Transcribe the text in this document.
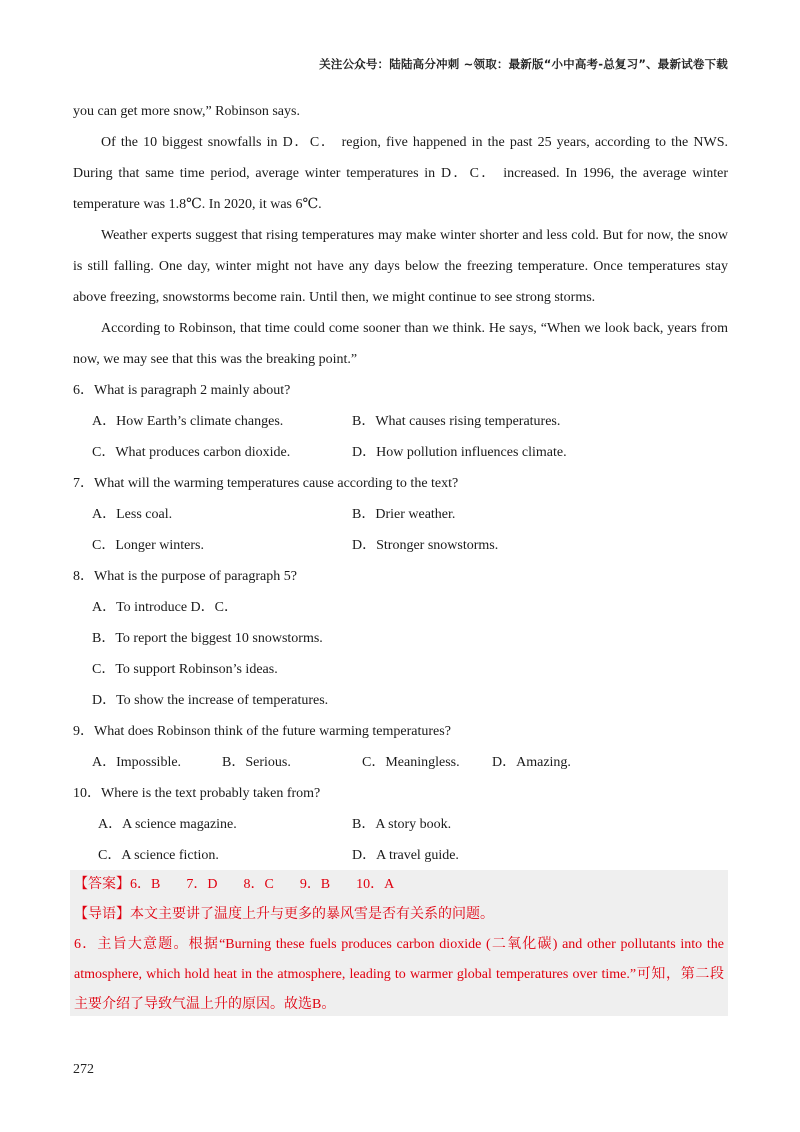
关注公众号：陆陆高分冲刺 ~领取：最新版“小中高考-总复习”、最新试卷下载

you can get more snow,” Robinson says.

Of the 10 biggest snowfalls in D．C． region, five happened in the past 25 years, according to the NWS. During that same time period, average winter temperatures in D．C． increased. In 1996, the average winter temperature was 1.8℃. In 2020, it was 6℃.

Weather experts suggest that rising temperatures may make winter shorter and less cold. But for now, the snow is still falling. One day, winter might not have any days below the freezing temperature. Once temperatures stay above freezing, snowstorms become rain. Until then, we might continue to see strong storms.

According to Robinson, that time could come sooner than we think. He says, “When we look back, years from now, we may see that this was the breaking point.”

6．What is paragraph 2 mainly about?

A．How Earth’s climate changes.	B．What causes rising temperatures.
C．What produces carbon dioxide.	D．How pollution influences climate.

7．What will the warming temperatures cause according to the text?

A．Less coal.	B．Drier weather.
C．Longer winters.	D．Stronger snowstorms.

8．What is the purpose of paragraph 5?

A．To introduce D．C．
B．To report the biggest 10 snowstorms.
C．To support Robinson’s ideas.
D．To show the increase of temperatures.

9．What does Robinson think of the future warming temperatures?

A．Impossible.	B．Serious.	C．Meaningless.	D．Amazing.

10．Where is the text probably taken from?

A．A science magazine.	B．A story book.
C．A science fiction.	D．A travel guide.

【答案】6．B 7．D 8．C 9．B 10．A

【导语】本文主要讲了温度上升与更多的暴风雪是否有关系的问题。

6．主旨大意题。根据“Burning these fuels produces carbon dioxide (二氧化碳) and other pollutants into the atmosphere, which hold heat in the atmosphere, leading to warmer global temperatures over time.”可知，第二段主要介绍了导致气温上升的原因。故选B。

272
